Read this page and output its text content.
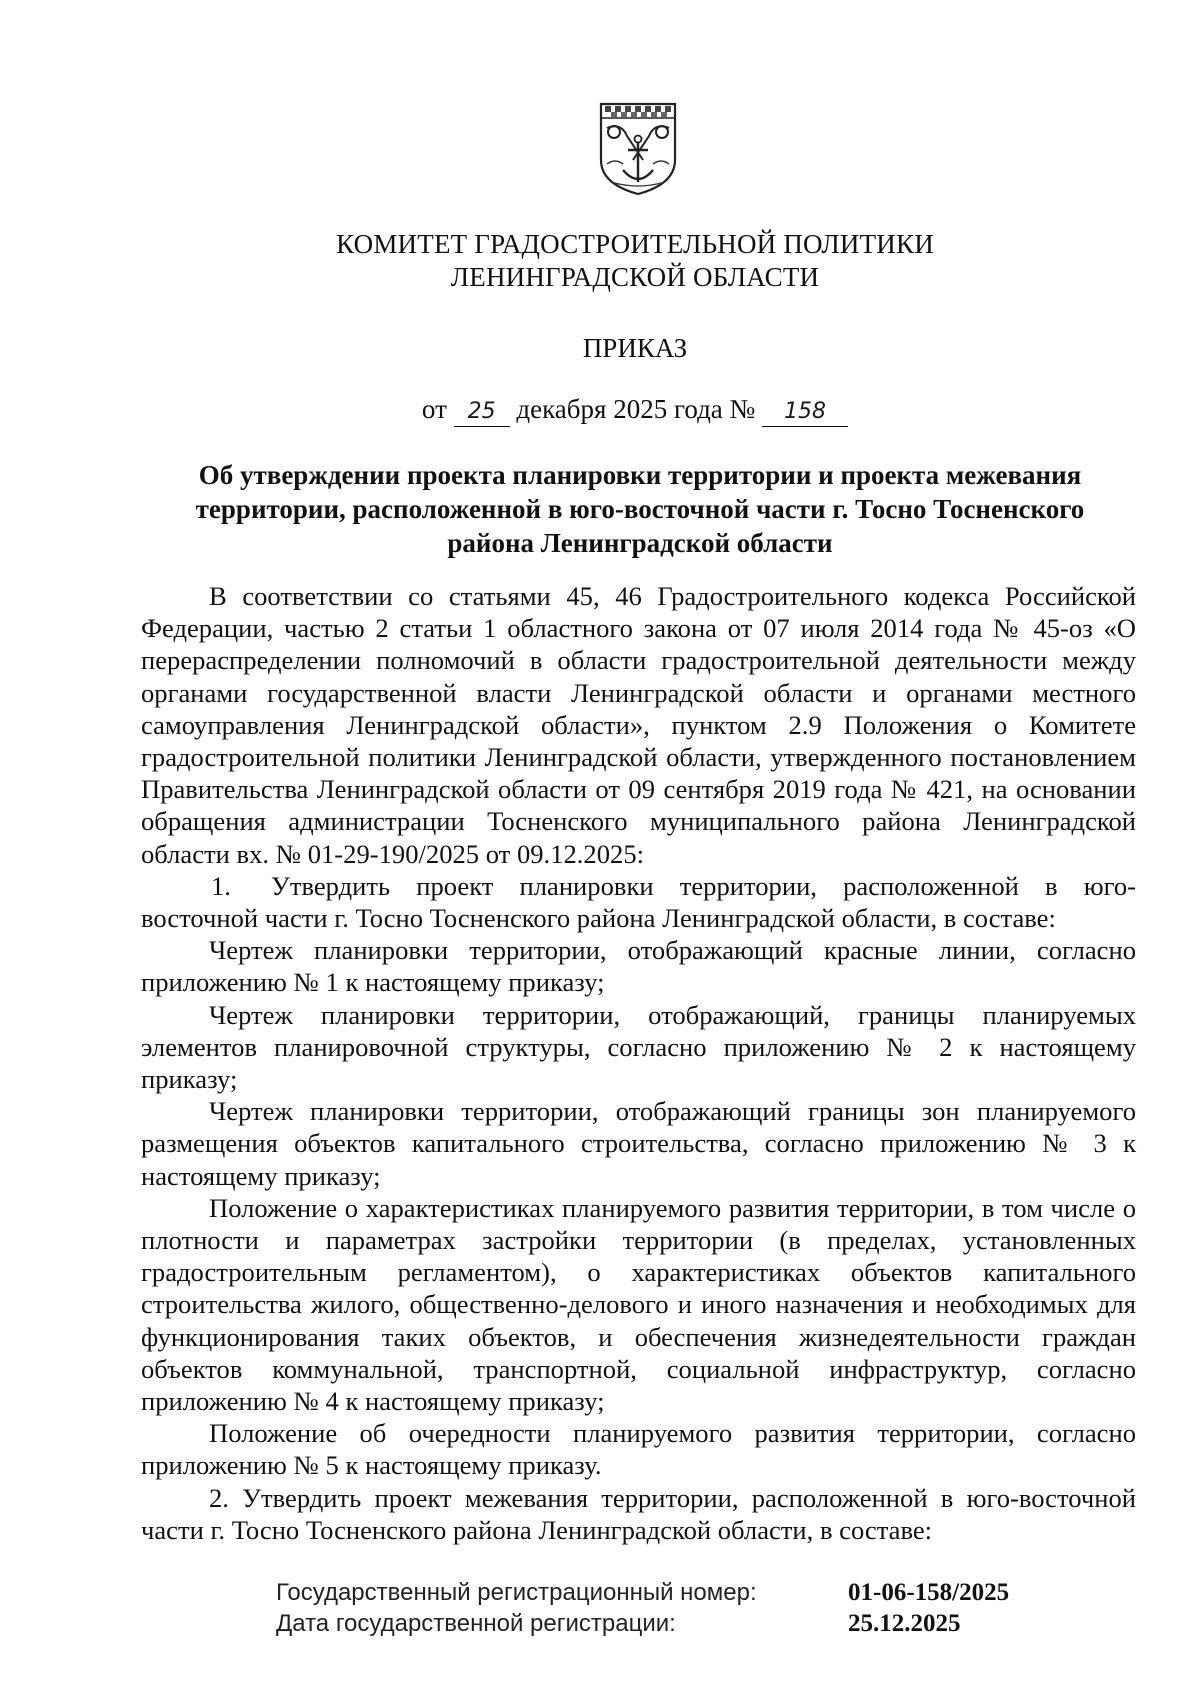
КОМИТЕТ ГРАДОСТРОИТЕЛЬНОЙ ПОЛИТИКИ
ЛЕНИНГРАДСКОЙ ОБЛАСТИ
ПРИКАЗ
от 25 декабря 2025 года № 158
Об утверждении проекта планировки территории и проекта межевания
территории, расположенной в юго-восточной части г. Тосно Тосненского
района Ленинградской области

В соответствии со статьями 45, 46 Градостроительного кодекса Российской Федерации, частью 2 статьи 1 областного закона от 07 июля 2014 года № 45-оз «О перераспределении полномочий в области градостроительной деятельности между органами государственной власти Ленинградской области и органами местного самоуправления Ленинградской области», пунктом 2.9 Положения о Комитете градостроительной политики Ленинградской области, утвержденного постановлением Правительства Ленинградской области от 09 сентября 2019 года № 421, на основании обращения администрации Тосненского муниципального района Ленинградской области вх. № 01-29-190/2025 от 09.12.2025:

1. Утвердить проект планировки территории, расположенной в юго-восточной части г. Тосно Тосненского района Ленинградской области, в составе:

Чертеж планировки территории, отображающий красные линии, согласно приложению № 1 к настоящему приказу;

Чертеж планировки территории, отображающий, границы планируемых элементов планировочной структуры, согласно приложению № 2 к настоящему приказу;

Чертеж планировки территории, отображающий границы зон планируемого размещения объектов капитального строительства, согласно приложению № 3 к настоящему приказу;

Положение о характеристиках планируемого развития территории, в том числе о плотности и параметрах застройки территории (в пределах, установленных градостроительным регламентом), о характеристиках объектов капитального строительства жилого, общественно-делового и иного назначения и необходимых для функционирования таких объектов, и обеспечения жизнедеятельности граждан объектов коммунальной, транспортной, социальной инфраструктур, согласно приложению № 4 к настоящему приказу;

Положение об очередности планируемого развития территории, согласно приложению № 5 к настоящему приказу.

2. Утвердить проект межевания территории, расположенной в юго-восточной части г. Тосно Тосненского района Ленинградской области, в составе:

Государственный регистрационный номер:	01-06-158/2025
Дата государственной регистрации:	25.12.2025
